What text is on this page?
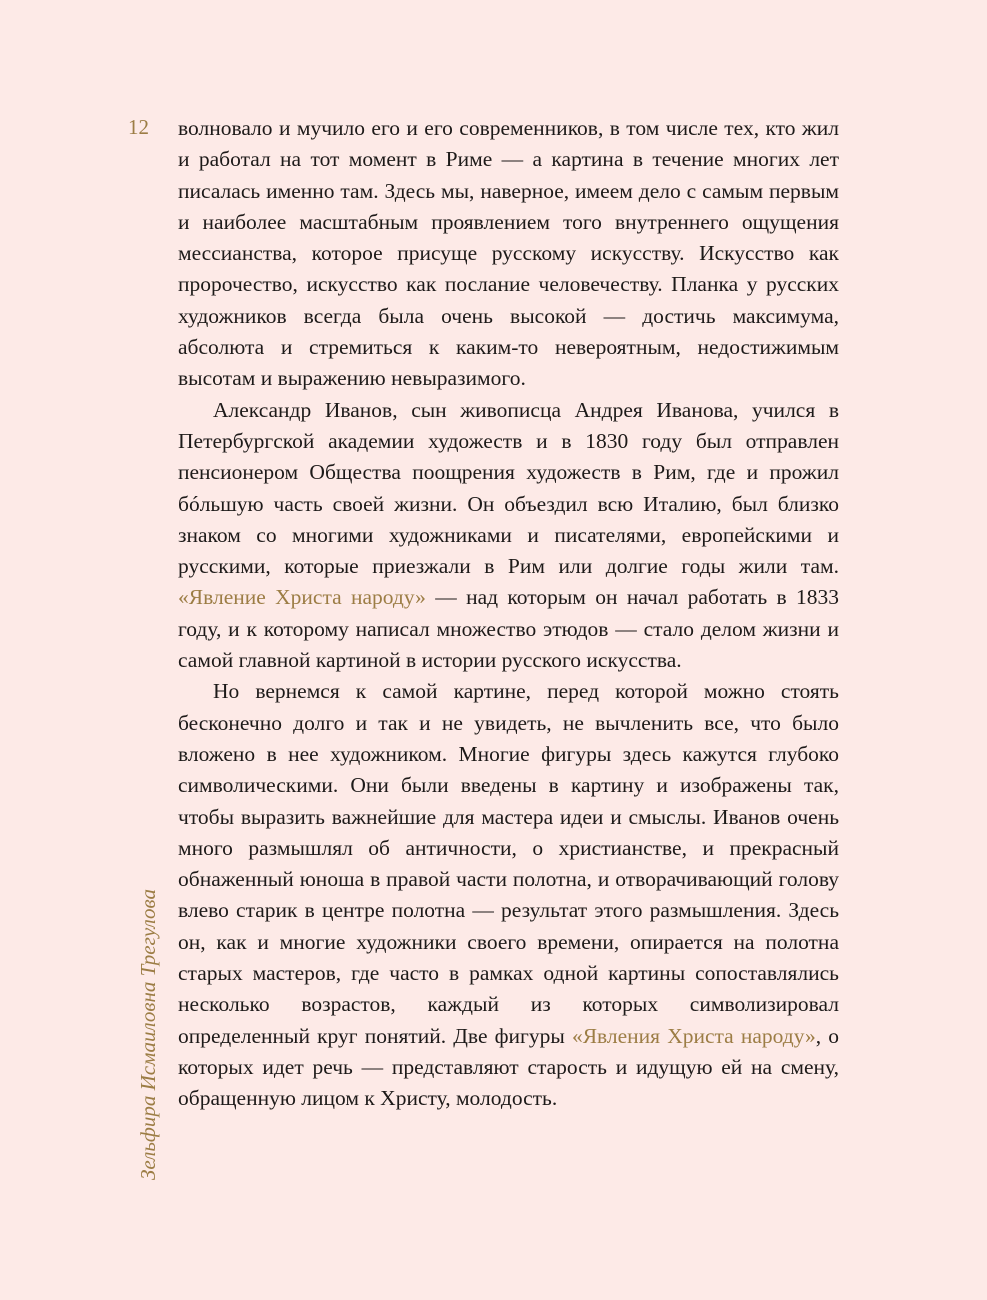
12
Зельфира Исмаиловна Трегулова

волновало и мучило его и его современников, в том числе тех, кто жил и работал на тот момент в Риме — а картина в течение многих лет писалась именно там. Здесь мы, наверное, имеем дело с самым первым и наиболее масштабным проявлением того внутреннего ощущения мессианства, которое присуще русскому искусству. Искусство как пророчество, искусство как послание человечеству. Планка у русских художников всегда была очень высокой — достичь максимума, абсолюта и стремиться к каким-то невероятным, недостижимым высотам и выражению невыразимого.

Александр Иванов, сын живописца Андрея Иванова, учился в Петербургской академии художеств и в 1830 году был отправлен пенсионером Общества поощрения художеств в Рим, где и прожил бóльшую часть своей жизни. Он объездил всю Италию, был близко знаком со многими художниками и писателями, европейскими и русскими, которые приезжали в Рим или долгие годы жили там. «Явление Христа народу» — над которым он начал работать в 1833 году, и к которому написал множество этюдов — стало делом жизни и самой главной картиной в истории русского искусства.

Но вернемся к самой картине, перед которой можно стоять бесконечно долго и так и не увидеть, не вычленить все, что было вложено в нее художником. Многие фигуры здесь кажутся глубоко символическими. Они были введены в картину и изображены так, чтобы выразить важнейшие для мастера идеи и смыслы. Иванов очень много размышлял об античности, о христианстве, и прекрасный обнаженный юноша в правой части полотна, и отворачивающий голову влево старик в центре полотна — результат этого размышления. Здесь он, как и многие художники своего времени, опирается на полотна старых мастеров, где часто в рамках одной картины сопоставлялись несколько возрастов, каждый из которых символизировал определенный круг понятий. Две фигуры «Явления Христа народу», о которых идет речь — представляют старость и идущую ей на смену, обращенную лицом к Христу, молодость.
